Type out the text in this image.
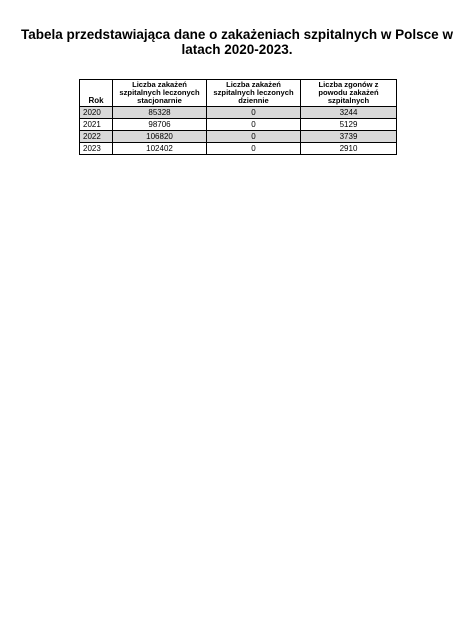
Tabela przedstawiająca dane o zakażeniach szpitalnych w Polsce w latach 2020-2023.
Rok	Liczba zakażeń szpitalnych leczonych stacjonarnie	Liczba zakażeń szpitalnych leczonych dziennie	Liczba zgonów z powodu zakażeń szpitalnych
2020	85328	0	3244
2021	98706	0	5129
2022	106820	0	3739
2023	102402	0	2910
